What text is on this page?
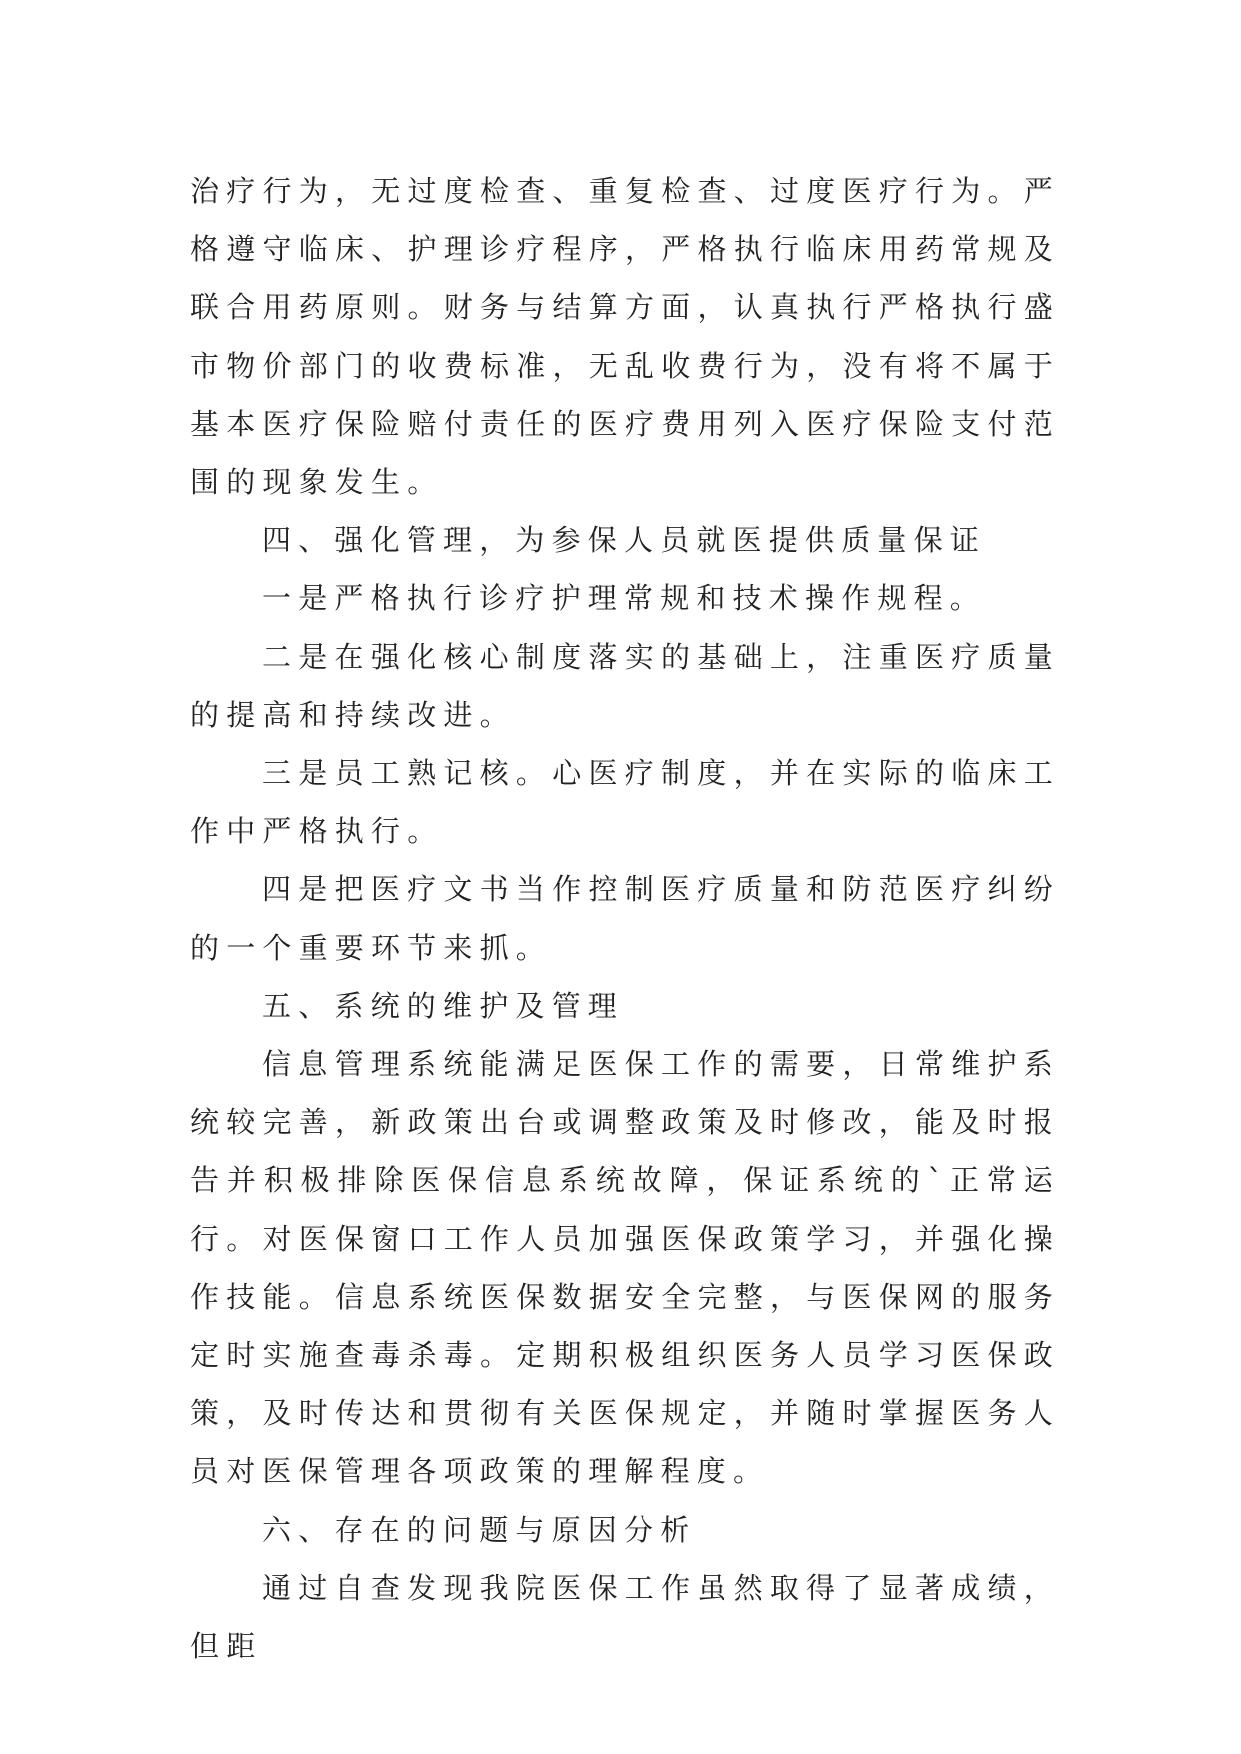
治疗行为，无过度检查、重复检查、过度医疗行为。严格遵守临床、护理诊疗程序，严格执行临床用药常规及联合用药原则。财务与结算方面，认真执行严格执行盛市物价部门的收费标准，无乱收费行为，没有将不属于基本医疗保险赔付责任的医疗费用列入医疗保险支付范围的现象发生。

四、强化管理，为参保人员就医提供质量保证

一是严格执行诊疗护理常规和技术操作规程。

二是在强化核心制度落实的基础上，注重医疗质量的提高和持续改进。

三是员工熟记核。心医疗制度，并在实际的临床工作中严格执行。

四是把医疗文书当作控制医疗质量和防范医疗纠纷的一个重要环节来抓。

五、系统的维护及管理

信息管理系统能满足医保工作的需要，日常维护系统较完善，新政策出台或调整政策及时修改，能及时报告并积极排除医保信息系统故障，保证系统的`正常运行。对医保窗口工作人员加强医保政策学习，并强化操作技能。信息系统医保数据安全完整，与医保网的服务定时实施查毒杀毒。定期积极组织医务人员学习医保政策，及时传达和贯彻有关医保规定，并随时掌握医务人员对医保管理各项政策的理解程度。

六、存在的问题与原因分析

通过自查发现我院医保工作虽然取得了显著成绩，但距
